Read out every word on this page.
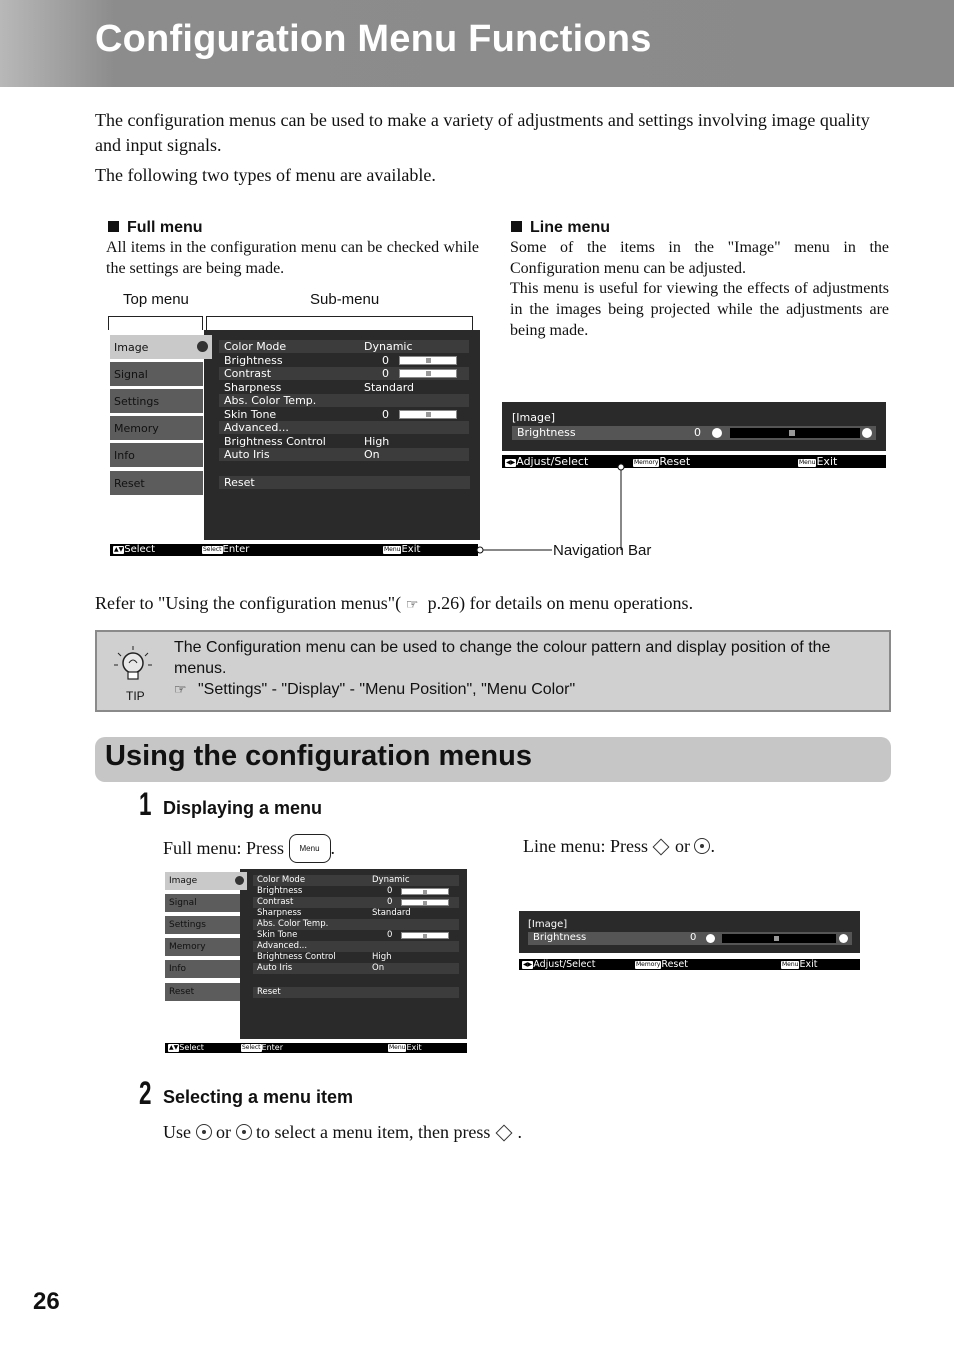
Configuration Menu Functions
The configuration menus can be used to make a variety of adjustments and settings involving image quality and input signals.
The following two types of menu are available.
Full menu
All items in the configuration menu can be checked while the settings are being made.
Line menu
Some of the items in the "Image" menu in the Configuration menu can be adjusted.
This menu is useful for viewing the effects of adjustments in the images being projected while the adjustments are being made.
Top menu	Sub-menu
Image
Signal
Settings
Memory
Info
Reset
Color Mode	Dynamic
Brightness	0
Contrast	0
Sharpness	Standard
Abs. Color Temp.
Skin Tone	0
Advanced...
Brightness Control	High
Auto Iris	On
Reset
▲▼Select	SelectEnter	MenuExit
[Image]
Brightness	0
◀▶Adjust/Select	MemoryReset	MenuExit
Navigation Bar
Refer to "Using the configuration menus"( ☞ p.26) for details on menu operations.
TIP
The Configuration menu can be used to change the colour pattern and display position of the menus.
☞ "Settings" - "Display" - "Menu Position", "Menu Color"
Using the configuration menus
1 Displaying a menu
Full menu: Press Menu .	Line menu: Press or .
Image
Signal
Settings
Memory
Info
Reset
Color Mode	Dynamic
Brightness	0
Contrast	0
Sharpness	Standard
Abs. Color Temp.
Skin Tone	0
Advanced...
Brightness Control	High
Auto Iris	On
Reset
▲▼Select	SelectEnter	MenuExit
[Image]
Brightness	0
◀▶Adjust/Select	MemoryReset	MenuExit
2 Selecting a menu item
Use or to select a menu item, then press .
26
